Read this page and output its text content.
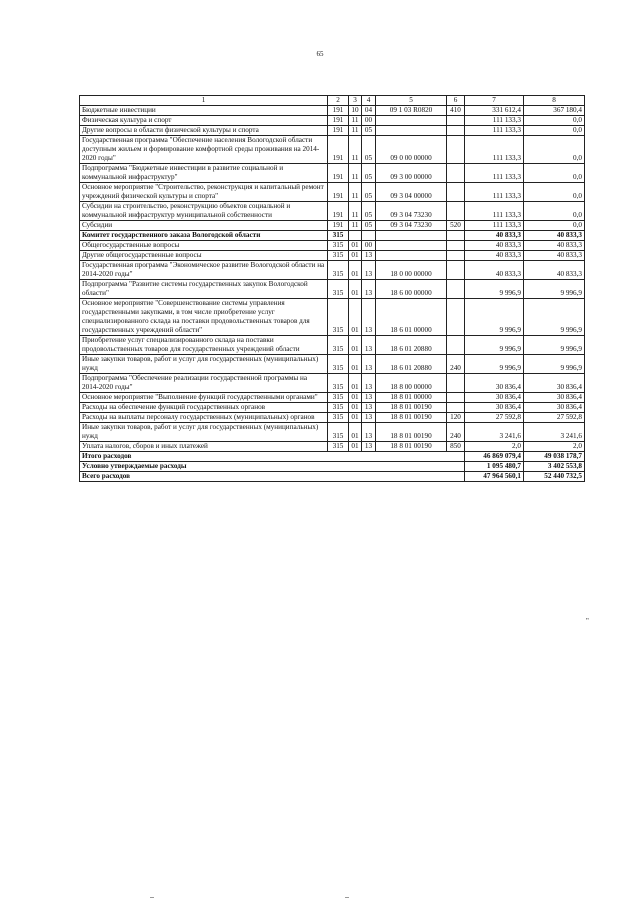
65
1	2	3	4	5	6	7	8
Бюджетные инвестиции	191	10	04	09 1 03 R0820	410	331 612,4	367 180,4
Физическая культура и спорт	191	11	00			111 133,3	0,0
Другие вопросы в области физической культуры и спорта	191	11	05			111 133,3	0,0
Государственная программа "Обеспечение населения Вологодской области доступным жильем и формирование комфортной среды проживания на 2014-2020 годы"	191	11	05	09 0 00 00000		111 133,3	0,0
Подпрограмма "Бюджетные инвестиции в развитие социальной и коммунальной инфраструктур"	191	11	05	09 3 00 00000		111 133,3	0,0
Основное мероприятие "Строительство, реконструкция и капитальный ремонт учреждений физической культуры и спорта"	191	11	05	09 3 04 00000		111 133,3	0,0
Субсидии на строительство, реконструкцию объектов социальной и коммунальной инфраструктур муниципальной собственности	191	11	05	09 3 04 73230		111 133,3	0,0
Субсидии	191	11	05	09 3 04 73230	520	111 133,3	0,0
Комитет государственного заказа Вологодской области	315					40 833,3	40 833,3
Общегосударственные вопросы	315	01	00			40 833,3	40 833,3
Другие общегосударственные вопросы	315	01	13			40 833,3	40 833,3
Государственная программа "Экономическое развитие Вологодской области на 2014-2020 годы"	315	01	13	18 0 00 00000		40 833,3	40 833,3
Подпрограмма "Развитие системы государственных закупок Вологодской области"	315	01	13	18 6 00 00000		9 996,9	9 996,9
Основное мероприятие "Совершенствование системы управления государственными закупками, в том числе приобретение услуг специализированного склада на поставки продовольственных товаров для государственных учреждений области"	315	01	13	18 6 01 00000		9 996,9	9 996,9
Приобретение услуг специализированного склада на поставки продовольственных товаров для государственных учреждений области	315	01	13	18 6 01 20880		9 996,9	9 996,9
Иные закупки товаров, работ и услуг для государственных (муниципальных) нужд	315	01	13	18 6 01 20880	240	9 996,9	9 996,9
Подпрограмма "Обеспечение реализации государственной программы на 2014-2020 годы"	315	01	13	18 8 00 00000		30 836,4	30 836,4
Основное мероприятие "Выполнение функций государственными органами"	315	01	13	18 8 01 00000		30 836,4	30 836,4
Расходы на обеспечение функций государственных органов	315	01	13	18 8 01 00190		30 836,4	30 836,4
Расходы на выплаты персоналу государственных (муниципальных) органов	315	01	13	18 8 01 00190	120	27 592,8	27 592,8
Иные закупки товаров, работ и услуг для государственных (муниципальных) нужд	315	01	13	18 8 01 00190	240	3 241,6	3 241,6
Уплата налогов, сборов и иных платежей	315	01	13	18 8 01 00190	850	2,0	2,0
Итого расходов						46 869 079,4	49 038 178,7
Условно утверждаемые расходы						1 095 480,7	3 402 553,8
Всего расходов						47 964 560,1	52 440 732,5
"
